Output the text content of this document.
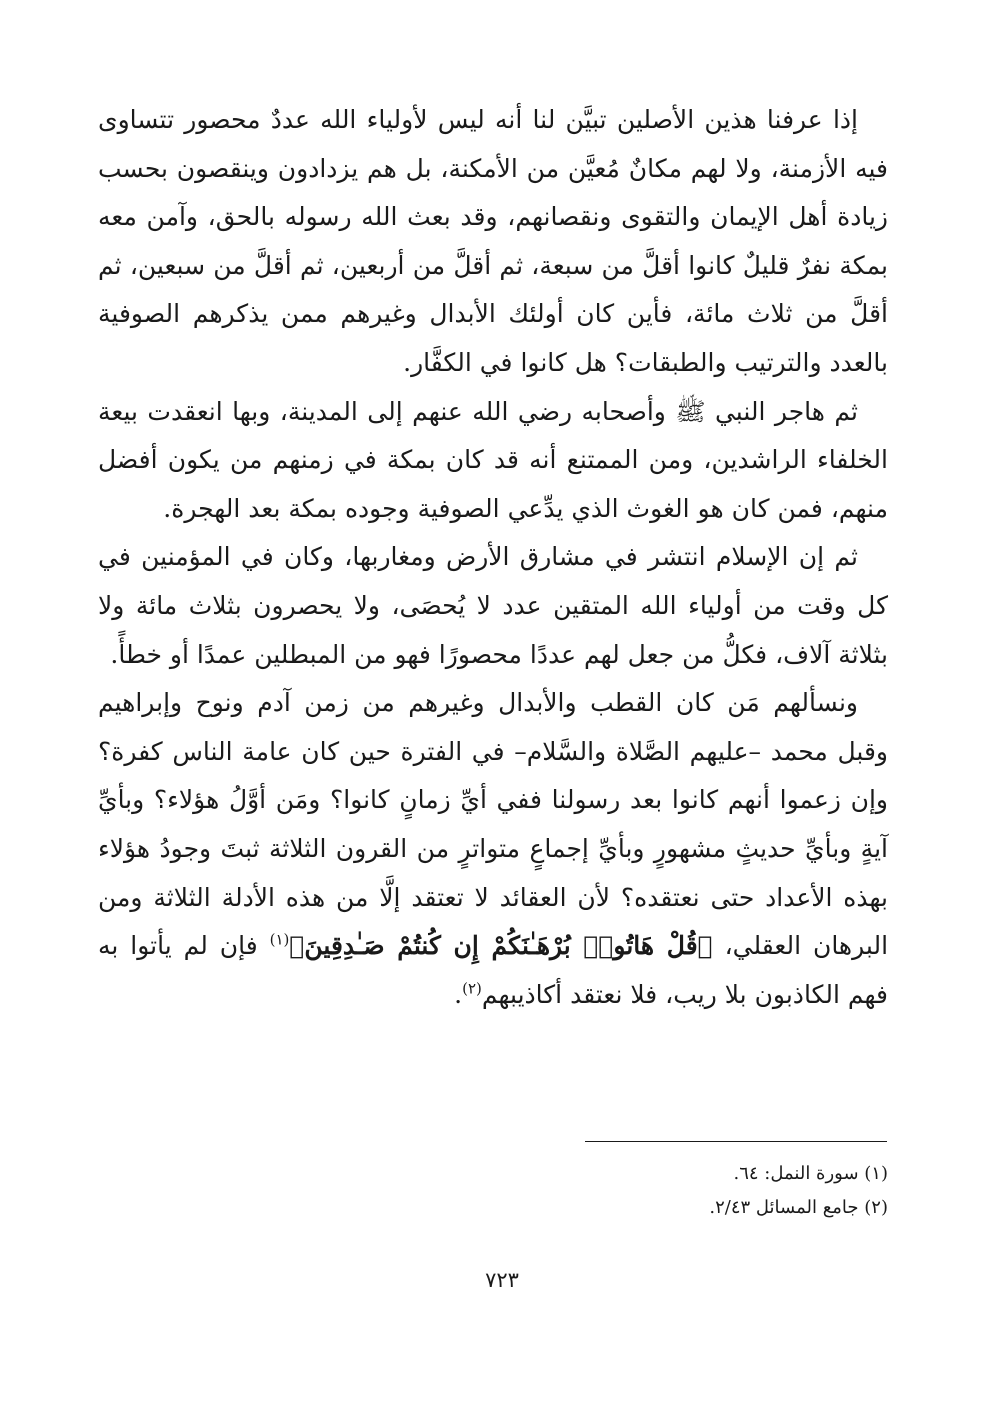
إذا عرفنا هذين الأصلين تبيَّن لنا أنه ليس لأولياء الله عددٌ محصور تتساوى فيه الأزمنة، ولا لهم مكانٌ مُعيَّن من الأمكنة، بل هم يزدادون وينقصون بحسب زيادة أهل الإيمان والتقوى ونقصانهم، وقد بعث الله رسوله بالحق، وآمن معه بمكة نفرٌ قليلٌ كانوا أقلَّ من سبعة، ثم أقلَّ من أربعين، ثم أقلَّ من سبعين، ثم أقلَّ من ثلاث مائة، فأين كان أولئك الأبدال وغيرهم ممن يذكرهم الصوفية بالعدد والترتيب والطبقات؟ هل كانوا في الكفَّار.

ثم هاجر النبي ﷺ وأصحابه رضي الله عنهم إلى المدينة، وبها انعقدت بيعة الخلفاء الراشدين، ومن الممتنع أنه قد كان بمكة في زمنهم من يكون أفضل منهم، فمن كان هو الغوث الذي يدِّعي الصوفية وجوده بمكة بعد الهجرة.

ثم إن الإسلام انتشر في مشارق الأرض ومغاربها، وكان في المؤمنين في كل وقت من أولياء الله المتقين عدد لا يُحصَى، ولا يحصرون بثلاث مائة ولا بثلاثة آلاف، فكلُّ من جعل لهم عددًا محصورًا فهو من المبطلين عمدًا أو خطأً.

ونسألهم مَن كان القطب والأبدال وغيرهم من زمن آدم ونوح وإبراهيم وقبل محمد –عليهم الصَّلاة والسَّلام– في الفترة حين كان عامة الناس كفرة؟ وإن زعموا أنهم كانوا بعد رسولنا ففي أيِّ زمانٍ كانوا؟ ومَن أوَّلُ هؤلاء؟ وبأيِّ آيةٍ وبأيِّ حديثٍ مشهورٍ وبأيِّ إجماعٍ متواترٍ من القرون الثلاثة ثبتَ وجودُ هؤلاء بهذه الأعداد حتى نعتقده؟ لأن العقائد لا تعتقد إلَّا من هذه الأدلة الثلاثة ومن البرهان العقلي، ﴿قُلْ هَاتُوا۟ بُرْهَـٰنَكُمْ إِن كُنتُمْ صَـٰدِقِينَ﴾$^{(١)}$ فإن لم يأتوا به فهم الكاذبون بلا ريب، فلا نعتقد أكاذيبهم$^{(٢)}$.

(١) سورة النمل: ٦٤.

(٢) جامع المسائل ٢/٤٣.

٧٢٣
